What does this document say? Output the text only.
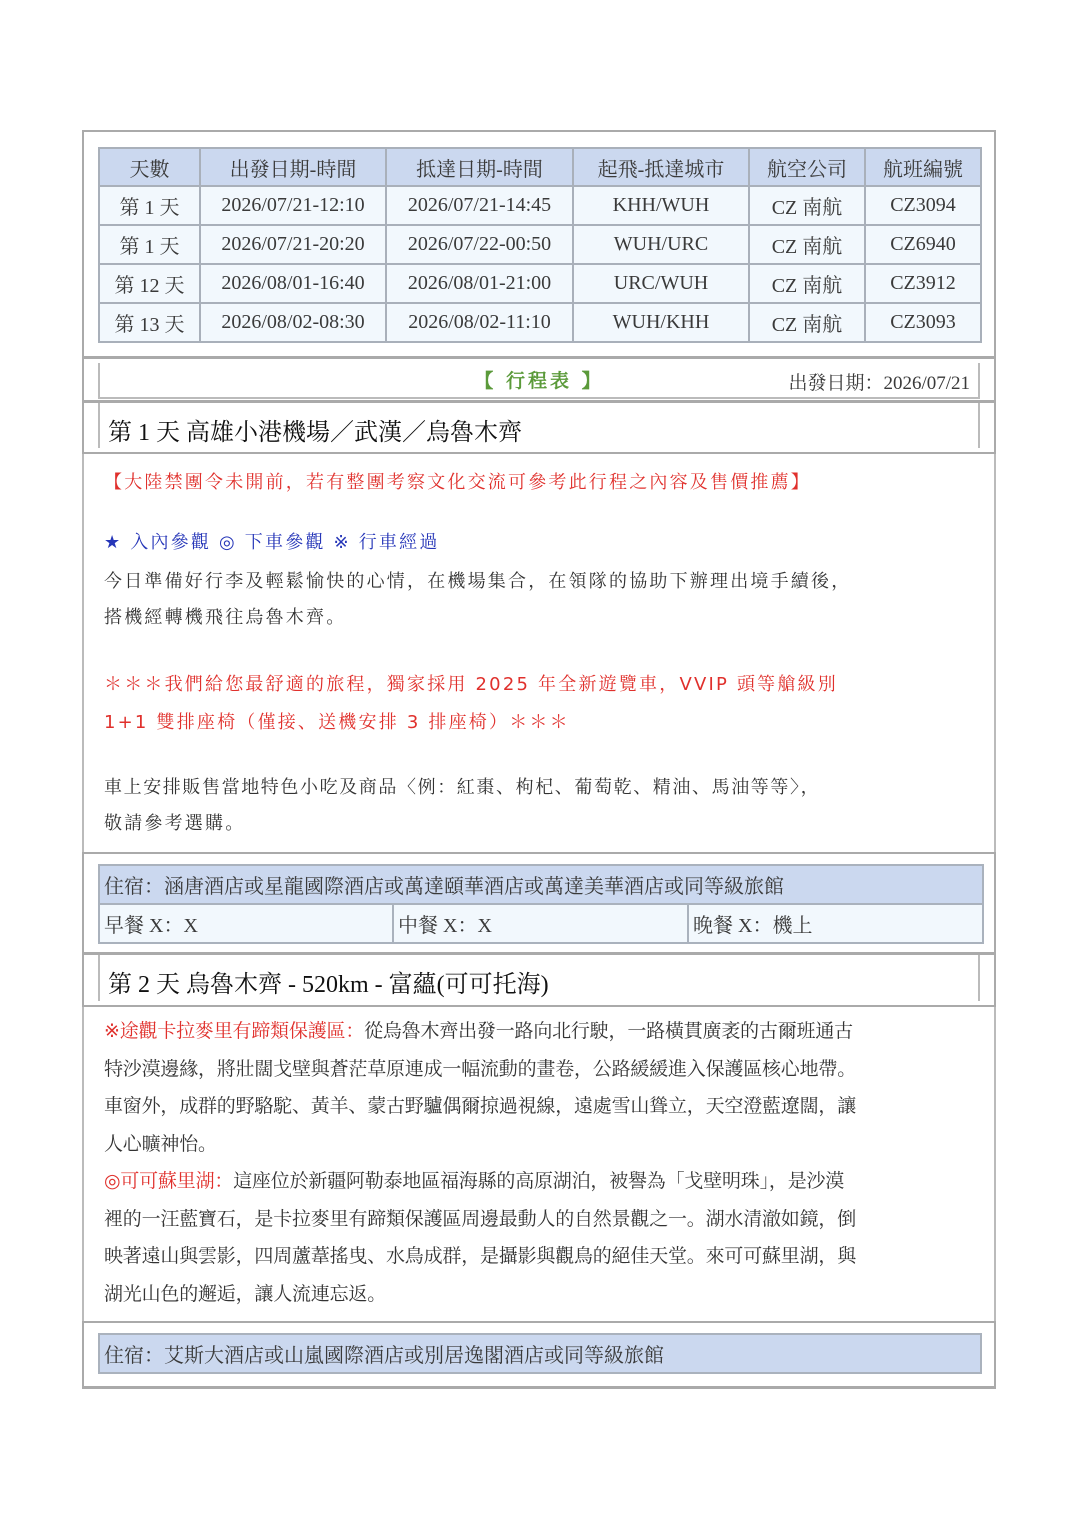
天數	出發日期-時間	抵達日期-時間	起飛-抵達城市	航空公司	航班編號
第 1 天	2026/07/21-12:10	2026/07/21-14:45	KHH/WUH	CZ 南航	CZ3094
第 1 天	2026/07/21-20:20	2026/07/22-00:50	WUH/URC	CZ 南航	CZ6940
第 12 天	2026/08/01-16:40	2026/08/01-21:00	URC/WUH	CZ 南航	CZ3912
第 13 天	2026/08/02-08:30	2026/08/02-11:10	WUH/KHH	CZ 南航	CZ3093
【 行程表 】	出發日期：2026/07/21
第 1 天 高雄小港機場／武漢／烏魯木齊
【大陸禁團令未開前，若有整團考察文化交流可參考此行程之內容及售價推薦】
★ 入內參觀 ◎ 下車參觀 ※ 行車經過
今日準備好行李及輕鬆愉快的心情，在機場集合，在領隊的協助下辦理出境手續後，
搭機經轉機飛往烏魯木齊。
＊＊＊我們給您最舒適的旅程，獨家採用 2025 年全新遊覽車，VVIP 頭等艙級別
1+1 雙排座椅（僅接、送機安排 3 排座椅）＊＊＊
車上安排販售當地特色小吃及商品〈例：紅棗、枸杞、葡萄乾、精油、馬油等等〉，
敬請參考選購。
住宿：涵唐酒店或星龍國際酒店或萬達頤華酒店或萬達美華酒店或同等級旅館
早餐 X：X	中餐 X：X	晚餐 X：機上
第 2 天 烏魯木齊 - 520km - 富蘊(可可托海)

※途觀卡拉麥里有蹄類保護區：從烏魯木齊出發一路向北行駛，一路橫貫廣袤的古爾班通古

特沙漠邊緣，將壯闊戈壁與蒼茫草原連成一幅流動的畫卷，公路緩緩進入保護區核心地帶。

車窗外，成群的野駱駝、黃羊、蒙古野驢偶爾掠過視線，遠處雪山聳立，天空澄藍遼闊，讓

人心曠神怡。

◎可可蘇里湖：這座位於新疆阿勒泰地區福海縣的高原湖泊，被譽為「戈壁明珠」，是沙漠

裡的一汪藍寶石，是卡拉麥里有蹄類保護區周邊最動人的自然景觀之一。湖水清澈如鏡，倒

映著遠山與雲影，四周蘆葦搖曳、水鳥成群，是攝影與觀鳥的絕佳天堂。來可可蘇里湖，與

湖光山色的邂逅，讓人流連忘返。

住宿：艾斯大酒店或山嵐國際酒店或別居逸閣酒店或同等級旅館
